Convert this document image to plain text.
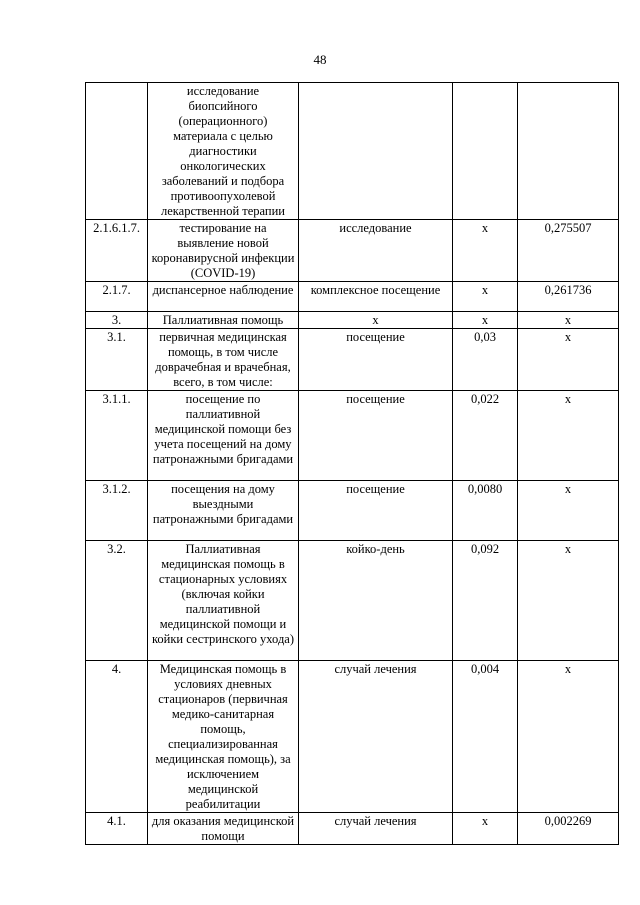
48
	исследование биопсийного (операционного) материала с целью диагностики онкологических заболеваний и подбора противоопухолевой лекарственной терапии			
2.1.6.1.7.	тестирование на выявление новой коронавирусной инфекции (COVID-19)	исследование	х	0,275507
2.1.7.	диспансерное наблюдение	комплексное посещение	х	0,261736
3.	Паллиативная помощь	х	х	х
3.1.	первичная медицинская помощь, в том числе доврачебная и врачебная, всего, в том числе:	посещение	0,03	х
3.1.1.	посещение по паллиативной медицинской помощи без учета посещений на дому патронажными бригадами	посещение	0,022	х
3.1.2.	посещения на дому выездными патронажными бригадами	посещение	0,0080	х
3.2.	Паллиативная медицинская помощь в стационарных условиях (включая койки паллиативной медицинской помощи и койки сестринского ухода)	койко-день	0,092	х
4.	Медицинская помощь в условиях дневных стационаров (первичная медико-санитарная помощь, специализированная медицинская помощь), за исключением медицинской реабилитации	случай лечения	0,004	х
4.1.	для оказания медицинской помощи	случай лечения	х	0,002269
